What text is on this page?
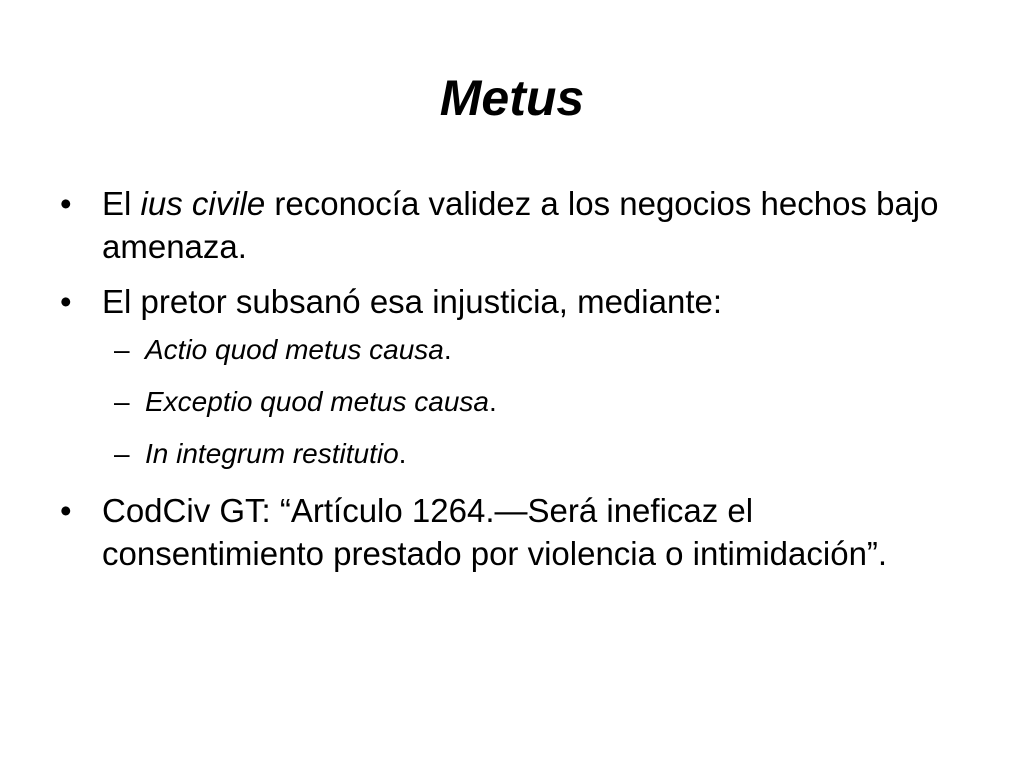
Metus
• El ius civile reconocía validez a los negocios hechos bajo amenaza.
• El pretor subsanó esa injusticia, mediante:
– Actio quod metus causa.
– Exceptio quod metus causa.
– In integrum restitutio.
• CodCiv GT: “Artículo 1264.—Será ineficaz el consentimiento prestado por violencia o intimidación”.
